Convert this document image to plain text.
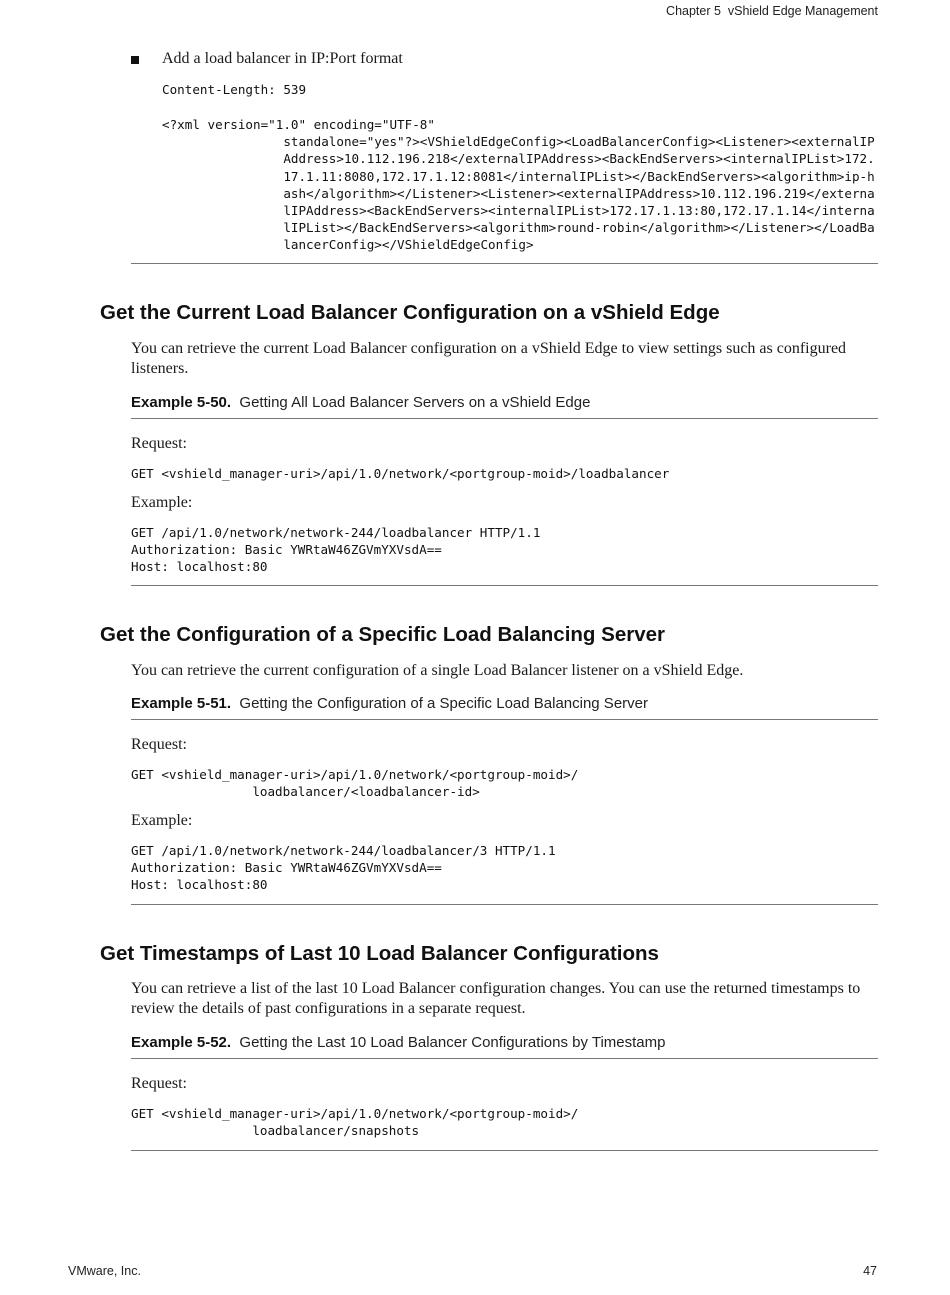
Chapter 5  vShield Edge Management
Add a load balancer in IP:Port format
Content-Length: 539
<?xml version="1.0" encoding="UTF-8"
standalone="yes"?><VShieldEdgeConfig><LoadBalancerConfig><Listener><externalIP
Address>10.112.196.218</externalIPAddress><BackEndServers><internalIPList>172.
17.1.11:8080,172.17.1.12:8081</internalIPList></BackEndServers><algorithm>ip-h
ash</algorithm></Listener><Listener><externalIPAddress>10.112.196.219</externa
lIPAddress><BackEndServers><internalIPList>172.17.1.13:80,172.17.1.14</interna
lIPList></BackEndServers><algorithm>round-robin</algorithm></Listener></LoadBa
lancerConfig></VShieldEdgeConfig>
Get the Current Load Balancer Configuration on a vShield Edge

You can retrieve the current Load Balancer configuration on a vShield Edge to view settings such as configured listeners.

Example 5-50. Getting All Load Balancer Servers on a vShield Edge

Request:

GET <vshield_manager-uri>/api/1.0/network/<portgroup-moid>/loadbalancer

Example:

GET /api/1.0/network/network-244/loadbalancer HTTP/1.1
Authorization: Basic YWRtaW46ZGVmYXVsdA==
Host: localhost:80
Get the Configuration of a Specific Load Balancing Server

You can retrieve the current configuration of a single Load Balancer listener on a vShield Edge.

Example 5-51. Getting the Configuration of a Specific Load Balancing Server

Request:

GET <vshield_manager-uri>/api/1.0/network/<portgroup-moid>/
loadbalancer/<loadbalancer-id>

Example:

GET /api/1.0/network/network-244/loadbalancer/3 HTTP/1.1
Authorization: Basic YWRtaW46ZGVmYXVsdA==
Host: localhost:80
Get Timestamps of Last 10 Load Balancer Configurations

You can retrieve a list of the last 10 Load Balancer configuration changes. You can use the returned timestamps to review the details of past configurations in a separate request.

Example 5-52. Getting the Last 10 Load Balancer Configurations by Timestamp

Request:

GET <vshield_manager-uri>/api/1.0/network/<portgroup-moid>/
loadbalancer/snapshots
VMware, Inc.	47
